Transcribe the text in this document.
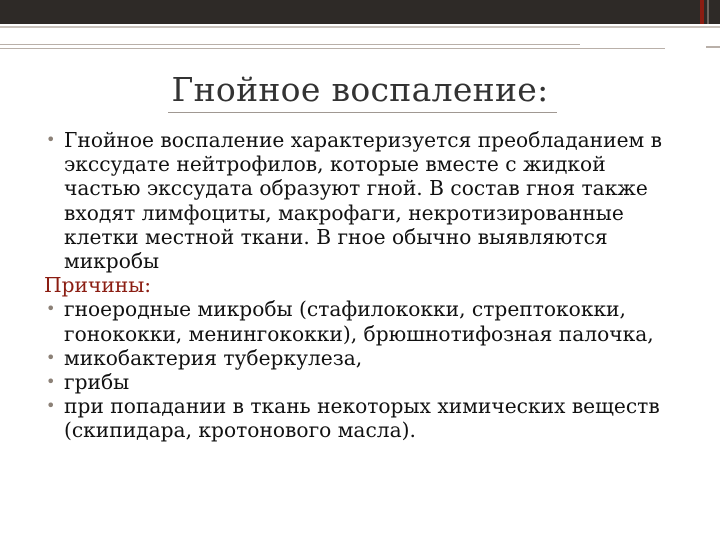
Гнойное воспаление:
• Гнойное воспаление характеризуется преобладанием в экссудате нейтрофилов, которые вместе с жидкой частью экссудата образуют гной. В состав гноя также входят лимфоциты, макрофаги, некротизированные клетки местной ткани. В гное обычно выявляются микробы
Причины:
• гноеродные микробы (стафилококки, стрептококки, гонококки, менингококки), брюшнотифозная палочка,
• микобактерия туберкулеза,
• грибы
• при попадании в ткань некоторых химических веществ (скипидара, кротонового масла).
